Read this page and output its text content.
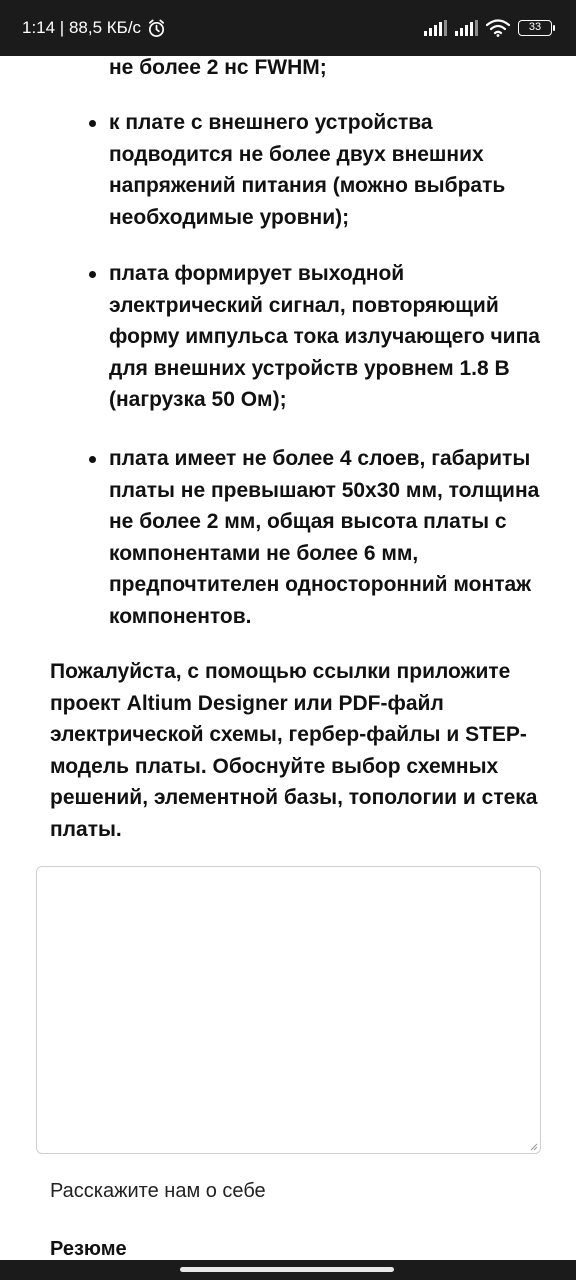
1:14 | 88,5 КБ/с	33
не более 2 нс FWHM;
к плате с внешнего устройства подводится не более двух внешних напряжений питания (можно выбрать необходимые уровни);
плата формирует выходной электрический сигнал, повторяющий форму импульса тока излучающего чипа для внешних устройств уровнем 1.8 В (нагрузка 50 Ом);
плата имеет не более 4 слоев, габариты платы не превышают 50x30 мм, толщина не более 2 мм, общая высота платы с компонентами не более 6 мм, предпочтителен односторонний монтаж компонентов.

Пожалуйста, с помощью ссылки приложите проект Altium Designer или PDF-файл электрической схемы, гербер-файлы и STEP-модель платы. Обоснуйте выбор схемных решений, элементной базы, топологии и стека платы.

Расскажите нам о себе
Резюме
